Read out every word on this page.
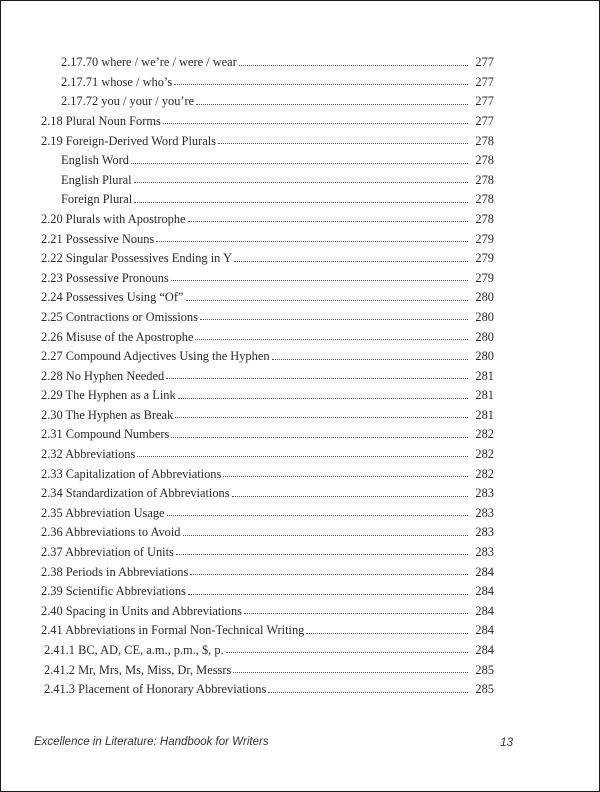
2.17.70 where / we’re / were / wear	277
2.17.71 whose / who’s	277
2.17.72 you / your / you’re	277
2.18 Plural Noun Forms	277
2.19 Foreign-Derived Word Plurals	278
English Word	278
English Plural	278
Foreign Plural	278
2.20 Plurals with Apostrophe	278
2.21 Possessive Nouns	279
2.22 Singular Possessives Ending in Y	279
2.23 Possessive Pronouns	279
2.24 Possessives Using “Of”	280
2.25 Contractions or Omissions	280
2.26 Misuse of the Apostrophe	280
2.27 Compound Adjectives Using the Hyphen	280
2.28 No Hyphen Needed	281
2.29 The Hyphen as a Link	281
2.30 The Hyphen as Break	281
2.31 Compound Numbers	282
2.32 Abbreviations	282
2.33 Capitalization of Abbreviations	282
2.34 Standardization of Abbreviations	283
2.35 Abbreviation Usage	283
2.36 Abbreviations to Avoid	283
2.37 Abbreviation of Units	283
2.38 Periods in Abbreviations	284
2.39 Scientific Abbreviations	284
2.40 Spacing in Units and Abbreviations	284
2.41 Abbreviations in Formal Non-Technical Writing	284
2.41.1 BC, AD, CE, a.m., p.m., $, p.	284
2.41.2 Mr, Mrs, Ms, Miss, Dr, Messrs	285
2.41.3 Placement of Honorary Abbreviations	285
Excellence in Literature: Handbook for Writers	13
